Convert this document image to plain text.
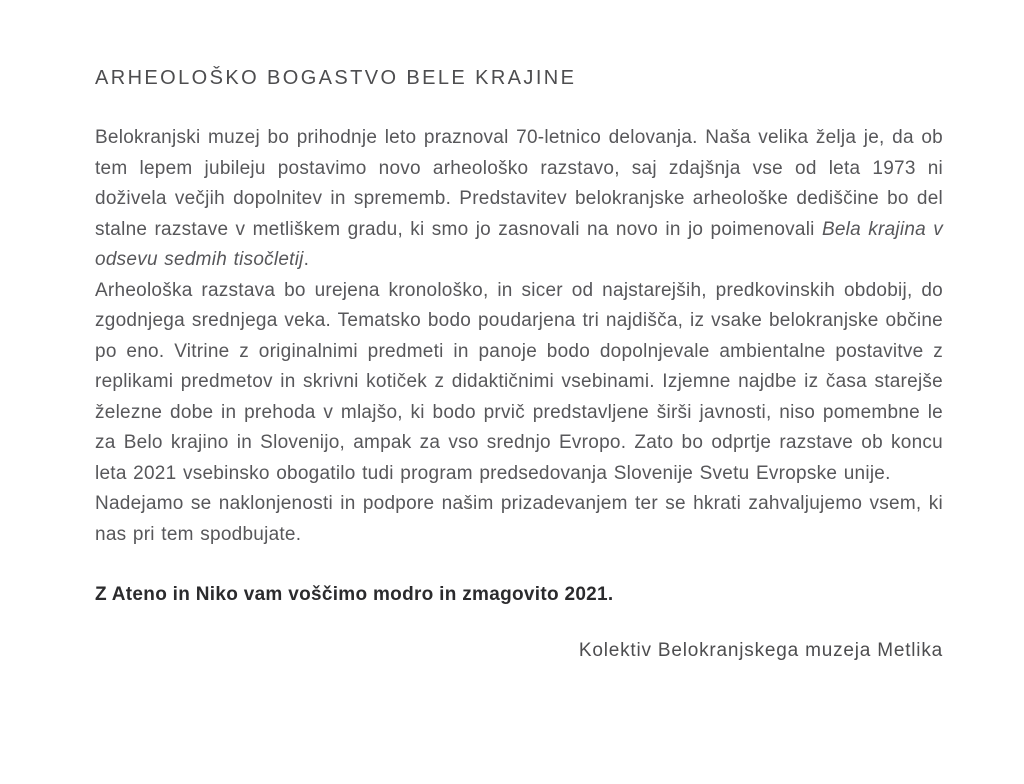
ARHEOLOŠKO BOGASTVO BELE KRAJINE

Belokranjski muzej bo prihodnje leto praznoval 70-letnico delovanja. Naša velika želja je, da ob tem lepem jubileju postavimo novo arheološko razstavo, saj zdajšnja vse od leta 1973 ni doživela večjih dopolnitev in sprememb. Predstavitev belokranjske arheološke dediščine bo del stalne razstave v metliškem gradu, ki smo jo zasnovali na novo in jo poimenovali Bela krajina v odsevu sedmih tisočletij.

Arheološka razstava bo urejena kronološko, in sicer od najstarejših, predkovinskih obdobij, do zgodnjega srednjega veka. Tematsko bodo poudarjena tri najdišča, iz vsake belokranjske občine po eno. Vitrine z originalnimi predmeti in panoje bodo dopolnjevale ambientalne postavitve z replikami predmetov in skrivni kotiček z didaktičnimi vsebinami. Izjemne najdbe iz časa starejše železne dobe in prehoda v mlajšo, ki bodo prvič predstavljene širši javnosti, niso pomembne le za Belo krajino in Slovenijo, ampak za vso srednjo Evropo. Zato bo odprtje razstave ob koncu leta 2021 vsebinsko obogatilo tudi program predsedovanja Slovenije Svetu Evropske unije.

Nadejamo se naklonjenosti in podpore našim prizadevanjem ter se hkrati zahvaljujemo vsem, ki nas pri tem spodbujate.

Z Ateno in Niko vam voščimo modro in zmagovito 2021.

Kolektiv Belokranjskega muzeja Metlika
